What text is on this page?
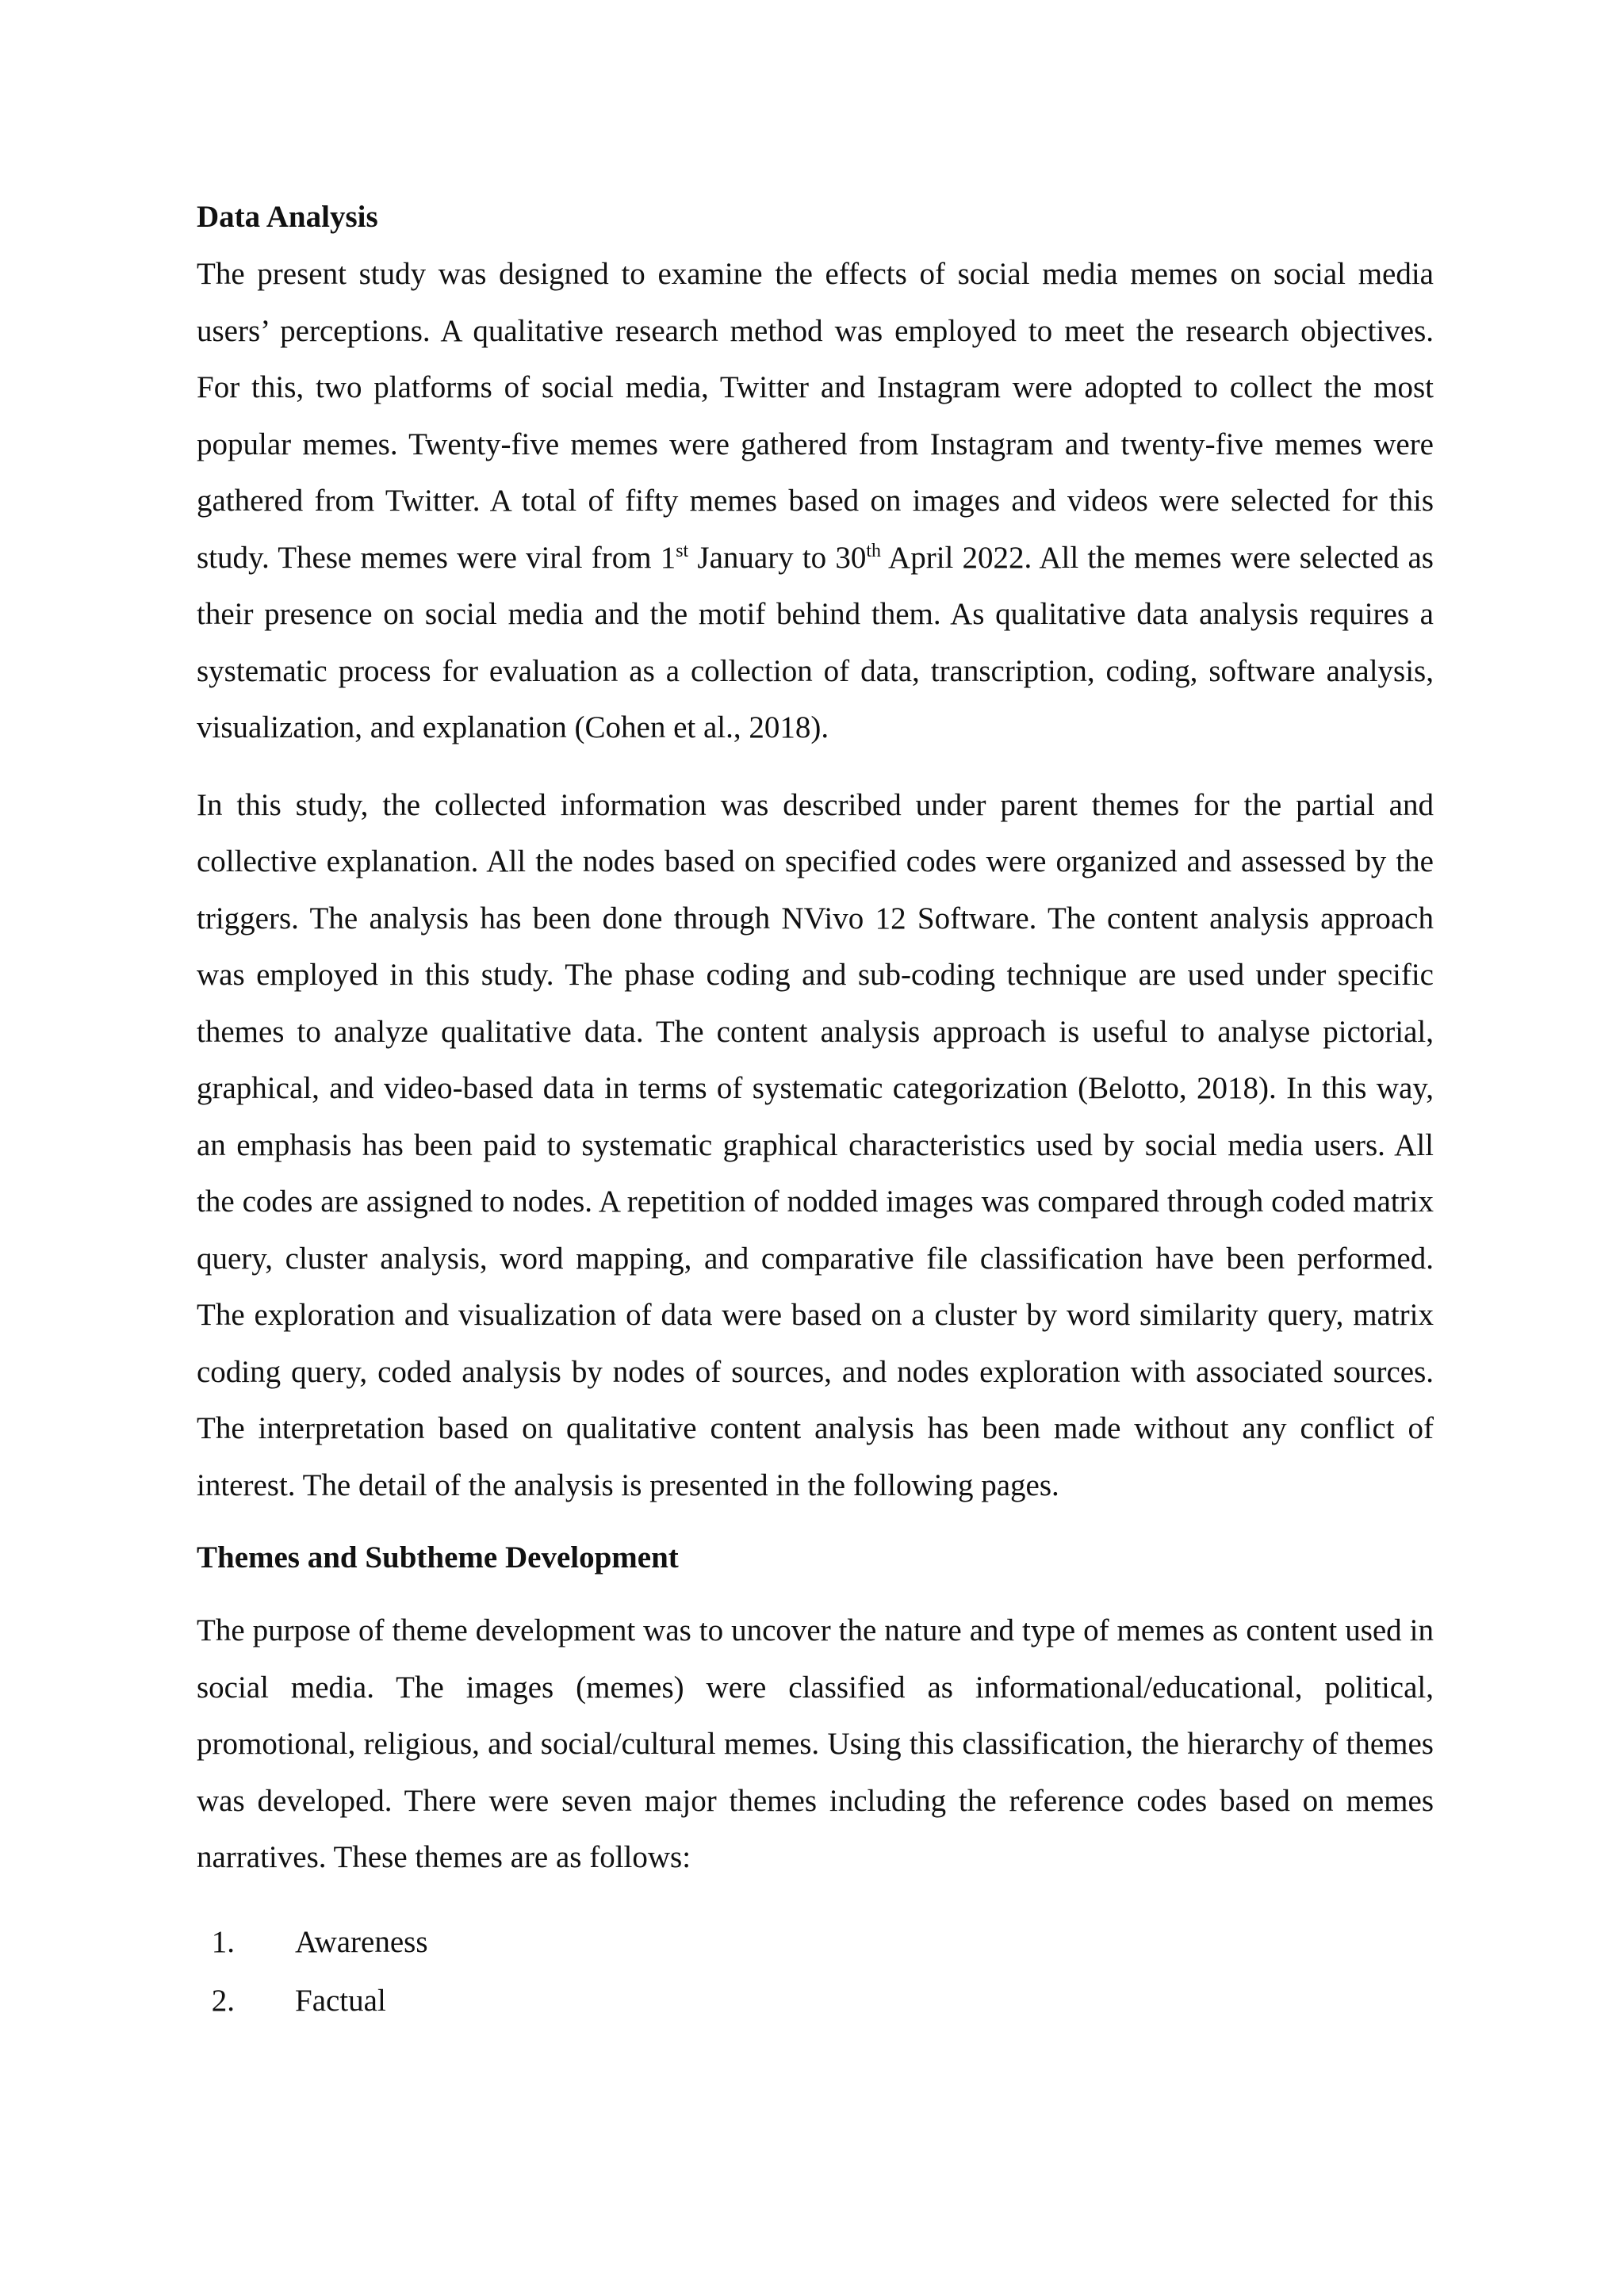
Data Analysis

The present study was designed to examine the effects of social media memes on social media users’ perceptions. A qualitative research method was employed to meet the research objectives. For this, two platforms of social media, Twitter and Instagram were adopted to collect the most popular memes. Twenty-five memes were gathered from Instagram and twenty-five memes were gathered from Twitter. A total of fifty memes based on images and videos were selected for this study. These memes were viral from 1st January to 30th April 2022. All the memes were selected as their presence on social media and the motif behind them. As qualitative data analysis requires a systematic process for evaluation as a collection of data, transcription, coding, software analysis, visualization, and explanation (Cohen et al., 2018).

In this study, the collected information was described under parent themes for the partial and collective explanation. All the nodes based on specified codes were organized and assessed by the triggers. The analysis has been done through NVivo 12 Software. The content analysis approach was employed in this study. The phase coding and sub-coding technique are used under specific themes to analyze qualitative data. The content analysis approach is useful to analyse pictorial, graphical, and video-based data in terms of systematic categorization (Belotto, 2018). In this way, an emphasis has been paid to systematic graphical characteristics used by social media users. All the codes are assigned to nodes. A repetition of nodded images was compared through coded matrix query, cluster analysis, word mapping, and comparative file classification have been performed. The exploration and visualization of data were based on a cluster by word similarity query, matrix coding query, coded analysis by nodes of sources, and nodes exploration with associated sources. The interpretation based on qualitative content analysis has been made without any conflict of interest. The detail of the analysis is presented in the following pages.

Themes and Subtheme Development

The purpose of theme development was to uncover the nature and type of memes as content used in social media. The images (memes) were classified as informational/educational, political, promotional, religious, and social/cultural memes. Using this classification, the hierarchy of themes was developed. There were seven major themes including the reference codes based on memes narratives. These themes are as follows:

1. Awareness
2. Factual
